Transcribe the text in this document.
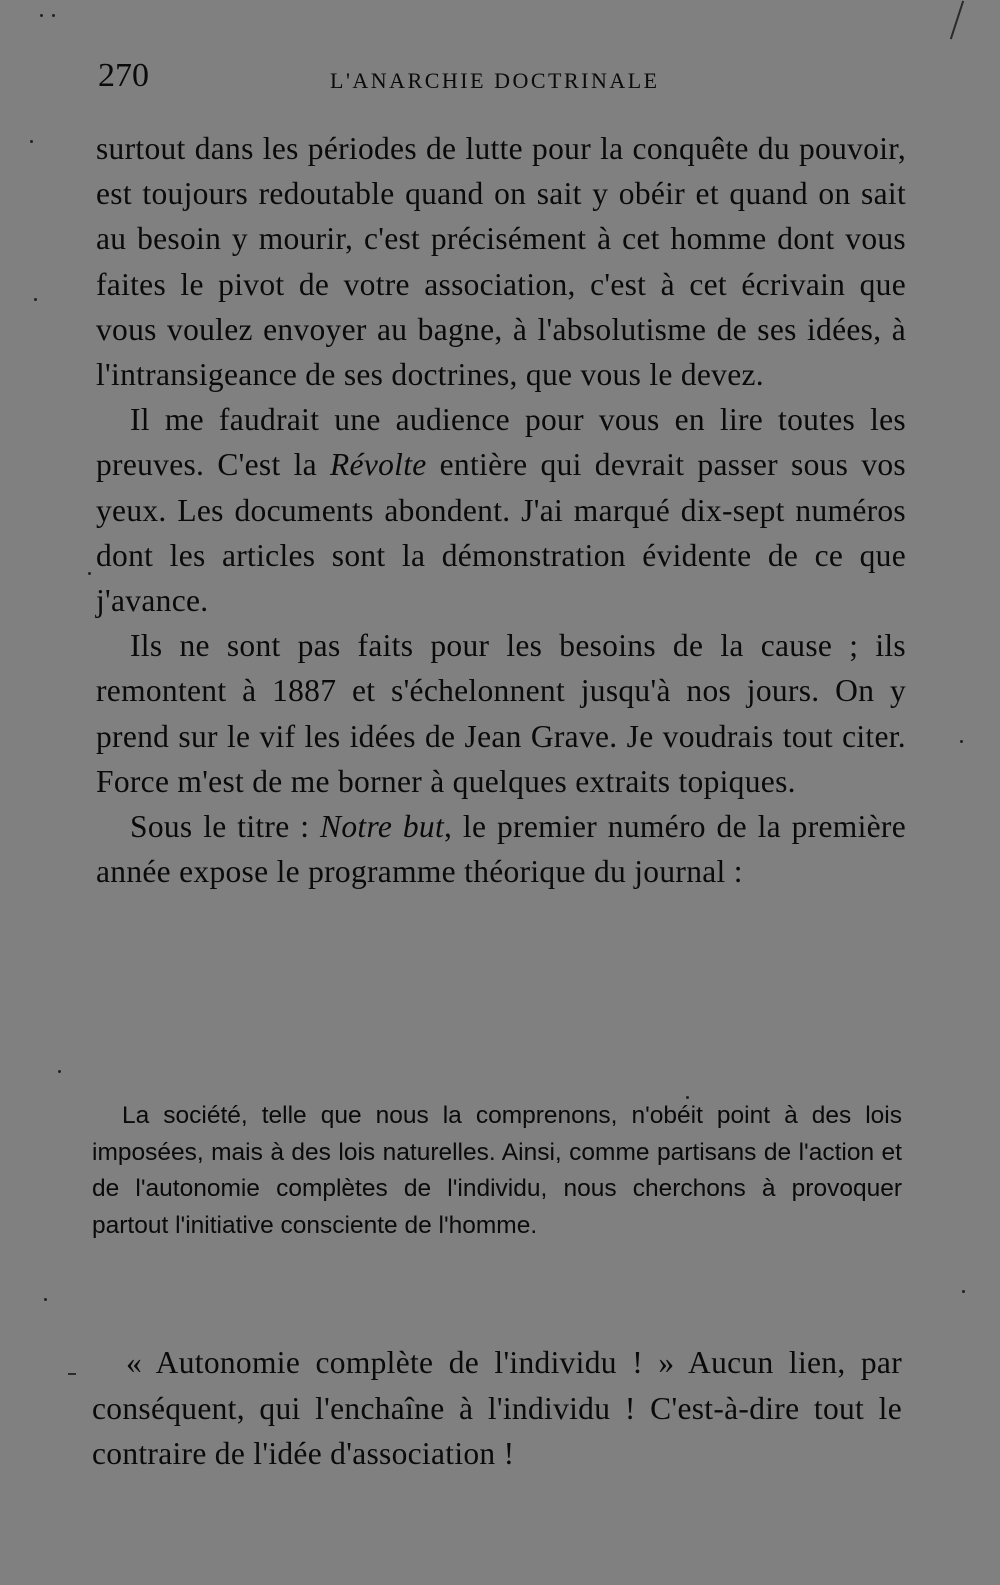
270	L'ANARCHIE DOCTRINALE

surtout dans les périodes de lutte pour la conquête du pouvoir, est toujours redoutable quand on sait y obéir et quand on sait au besoin y mourir, c'est précisément à cet homme dont vous faites le pivot de votre association, c'est à cet écrivain que vous voulez envoyer au bagne, à l'absolutisme de ses idées, à l'intransigeance de ses doctrines, que vous le devez.

Il me faudrait une audience pour vous en lire toutes les preuves. C'est la Révolte entière qui devrait passer sous vos yeux. Les documents abondent. J'ai marqué dix-sept numéros dont les articles sont la démonstration évidente de ce que j'avance.

Ils ne sont pas faits pour les besoins de la cause ; ils remontent à 1887 et s'échelonnent jusqu'à nos jours. On y prend sur le vif les idées de Jean Grave. Je voudrais tout citer. Force m'est de me borner à quelques extraits topiques.

Sous le titre : Notre but, le premier numéro de la première année expose le programme théorique du journal :

La société, telle que nous la comprenons, n'obéit point à des lois imposées, mais à des lois naturelles. Ainsi, comme partisans de l'action et de l'autonomie complètes de l'individu, nous cherchons à provoquer partout l'initiative consciente de l'homme.

« Autonomie complète de l'individu ! » Aucun lien, par conséquent, qui l'enchaîne à l'individu ! C'est-à-dire tout le contraire de l'idée d'association !
